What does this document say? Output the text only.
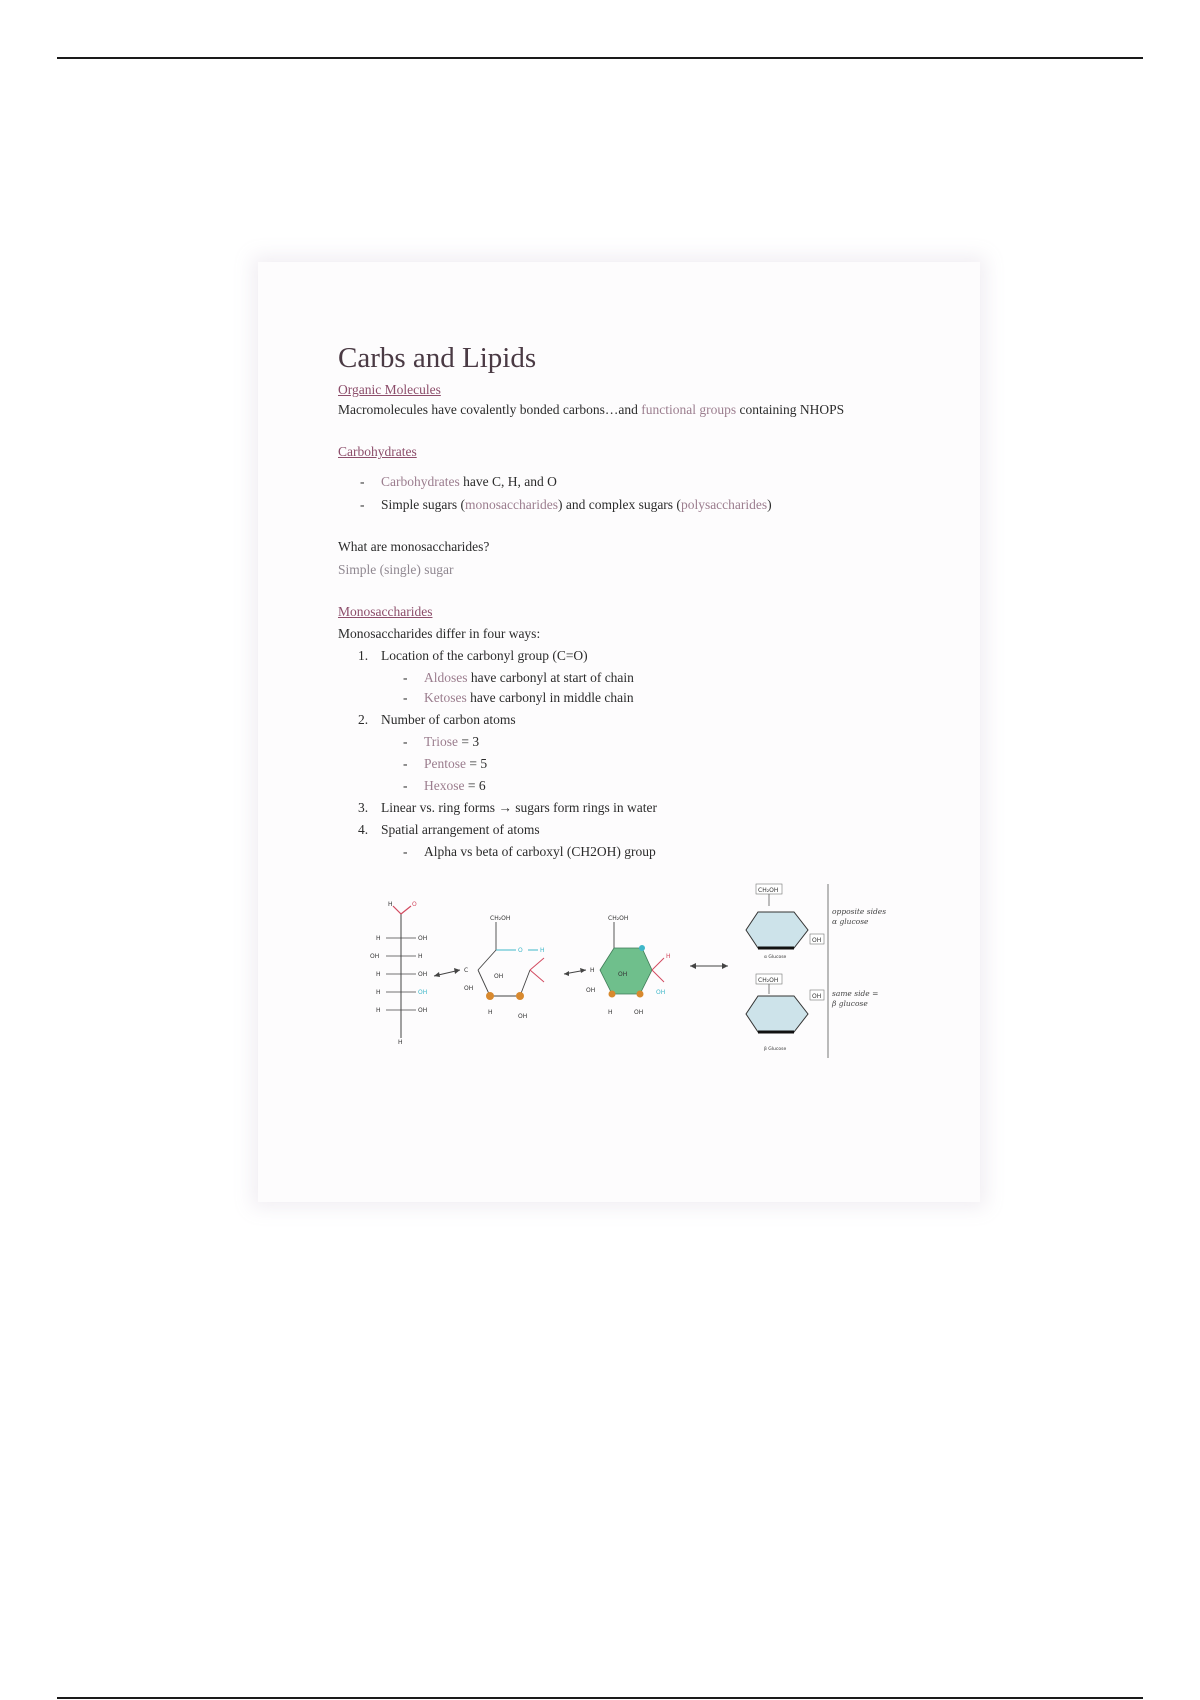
Carbs and Lipids
Organic Molecules

Macromolecules have covalently bonded carbons…and functional groups containing NHOPS

Carbohydrates
- Carbohydrates have C, H, and O
- Simple sugars (monosaccharides) and complex sugars (polysaccharides)

What are monosaccharides?

Simple (single) sugar

Monosaccharides

Monosaccharides differ in four ways:

1. Location of the carbonyl group (C=O)
- Aldoses have carbonyl at start of chain
- Ketoses have carbonyl in middle chain
2. Number of carbon atoms
- Triose = 3
- Pentose = 5
- Hexose = 6
3. Linear vs. ring forms → sugars form rings in water
4. Spatial arrangement of atoms
- Alpha vs beta of carboxyl (CH2OH) group
H	O
H	OH
OH	H
H	OH
H	OH
H	OH
H
CH₂OH
O	H
C
OH
OH
OH
H
CH₂OH
H
OH
H
OH
OH
H	OH
CH₂OH
OH
α Glucose
CH₂OH
OH
β Glucose
opposite sides
α glucose
same side =
β glucose
